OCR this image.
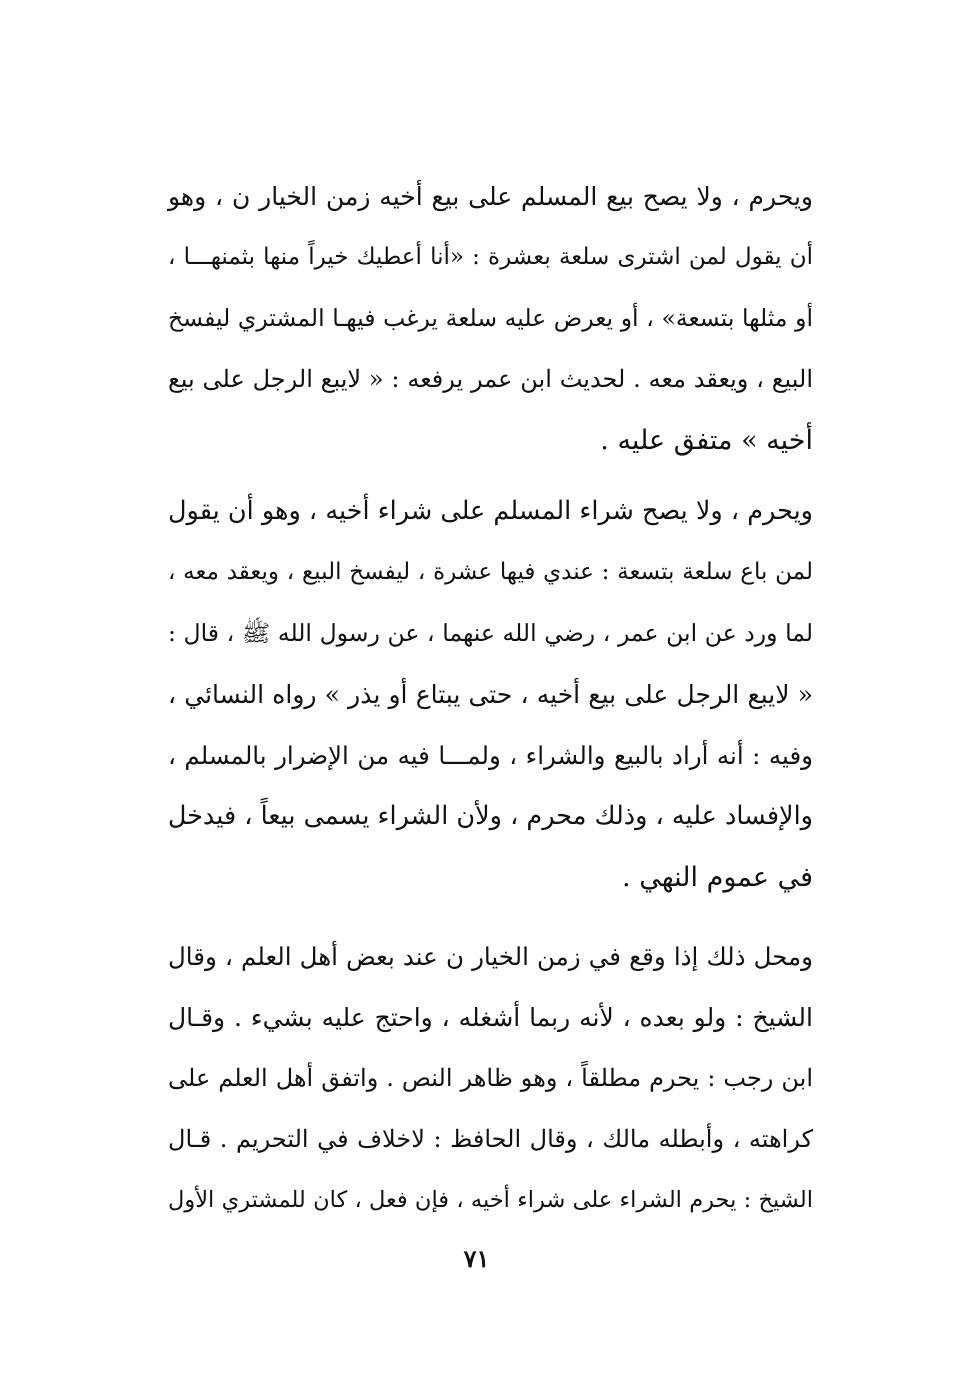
ويحرم ، ولا يصح بيع المسلم على بيع أخيه زمن الخيار ن ، وهو
أن يقول لمن اشترى سلعة بعشرة : «أنا أعطيك خيراً منها بثمنهـــا ،
أو مثلها بتسعة» ، أو يعرض عليه سلعة يرغب فيهـا المشتري ليفسخ
البيع ، ويعقد معه . لحديث ابن عمر يرفعه : « لايبع الرجل على بيع
أخيه » متفق عليه .
ويحرم ، ولا يصح شراء المسلم على شراء أخيه ، وهو أن يقول
لمن باع سلعة بتسعة : عندي فيها عشرة ، ليفسخ البيع ، ويعقد معه ،
لما ورد عن ابن عمر ، رضي الله عنهما ، عن رسول الله ﷺ ، قال :
« لايبع الرجل على بيع أخيه ، حتى يبتاع أو يذر » رواه النسائي ،
وفيه : أنه أراد بالبيع والشراء ، ولمـــا فيه من الإضرار بالمسلم ،
والإفساد عليه ، وذلك محرم ، ولأن الشراء يسمى بيعاً ، فيدخل
في عموم النهي .
ومحل ذلك إذا وقع في زمن الخيار ن عند بعض أهل العلم ، وقال
الشيخ : ولو بعده ، لأنه ربما أشغله ، واحتج عليه بشيء . وقـال
ابن رجب : يحرم مطلقاً ، وهو ظاهر النص . واتفق أهل العلم على
كراهته ، وأبطله مالك ، وقال الحافظ : لاخلاف في التحريم . قـال
الشيخ : يحرم الشراء على شراء أخيه ، فإن فعل ، كان للمشتري الأول
٧١
